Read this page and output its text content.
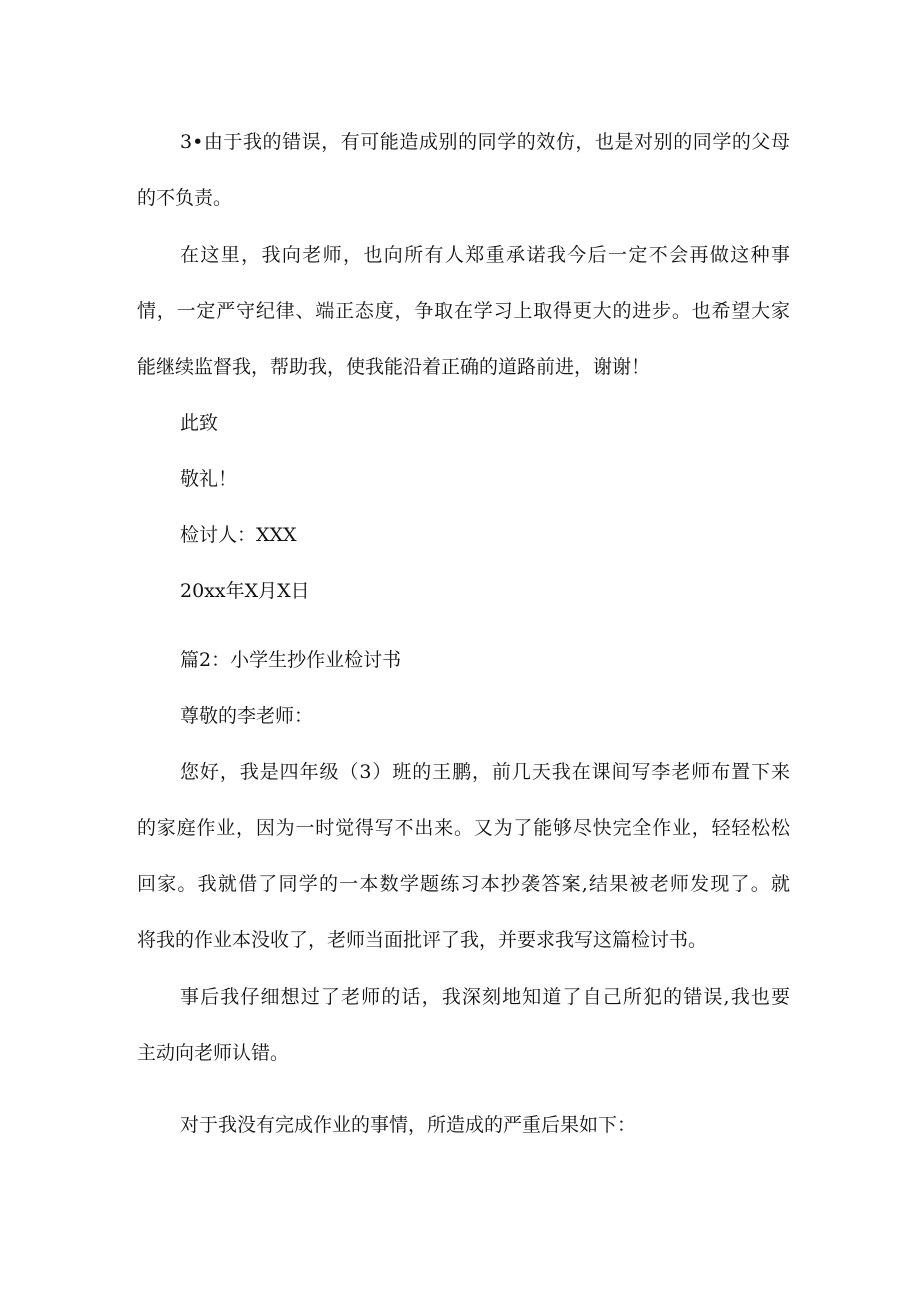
3•由于我的错误，有可能造成别的同学的效仿，也是对别的同学的父母
的不负责。
在这里，我向老师，也向所有人郑重承诺我今后一定不会再做这种事
情，一定严守纪律、端正态度，争取在学习上取得更大的进步。也希望大家
能继续监督我，帮助我，使我能沿着正确的道路前进，谢谢！
此致
敬礼！
检讨人：XXX
20xx年X月X日
篇2：小学生抄作业检讨书
尊敬的李老师：
您好，我是四年级（3）班的王鹏，前几天我在课间写李老师布置下来
的家庭作业，因为一时觉得写不出来。又为了能够尽快完全作业，轻轻松松
回家。我就借了同学的一本数学题练习本抄袭答案,结果被老师发现了。就
将我的作业本没收了，老师当面批评了我，并要求我写这篇检讨书。
事后我仔细想过了老师的话，我深刻地知道了自己所犯的错误,我也要
主动向老师认错。
对于我没有完成作业的事情，所造成的严重后果如下：
